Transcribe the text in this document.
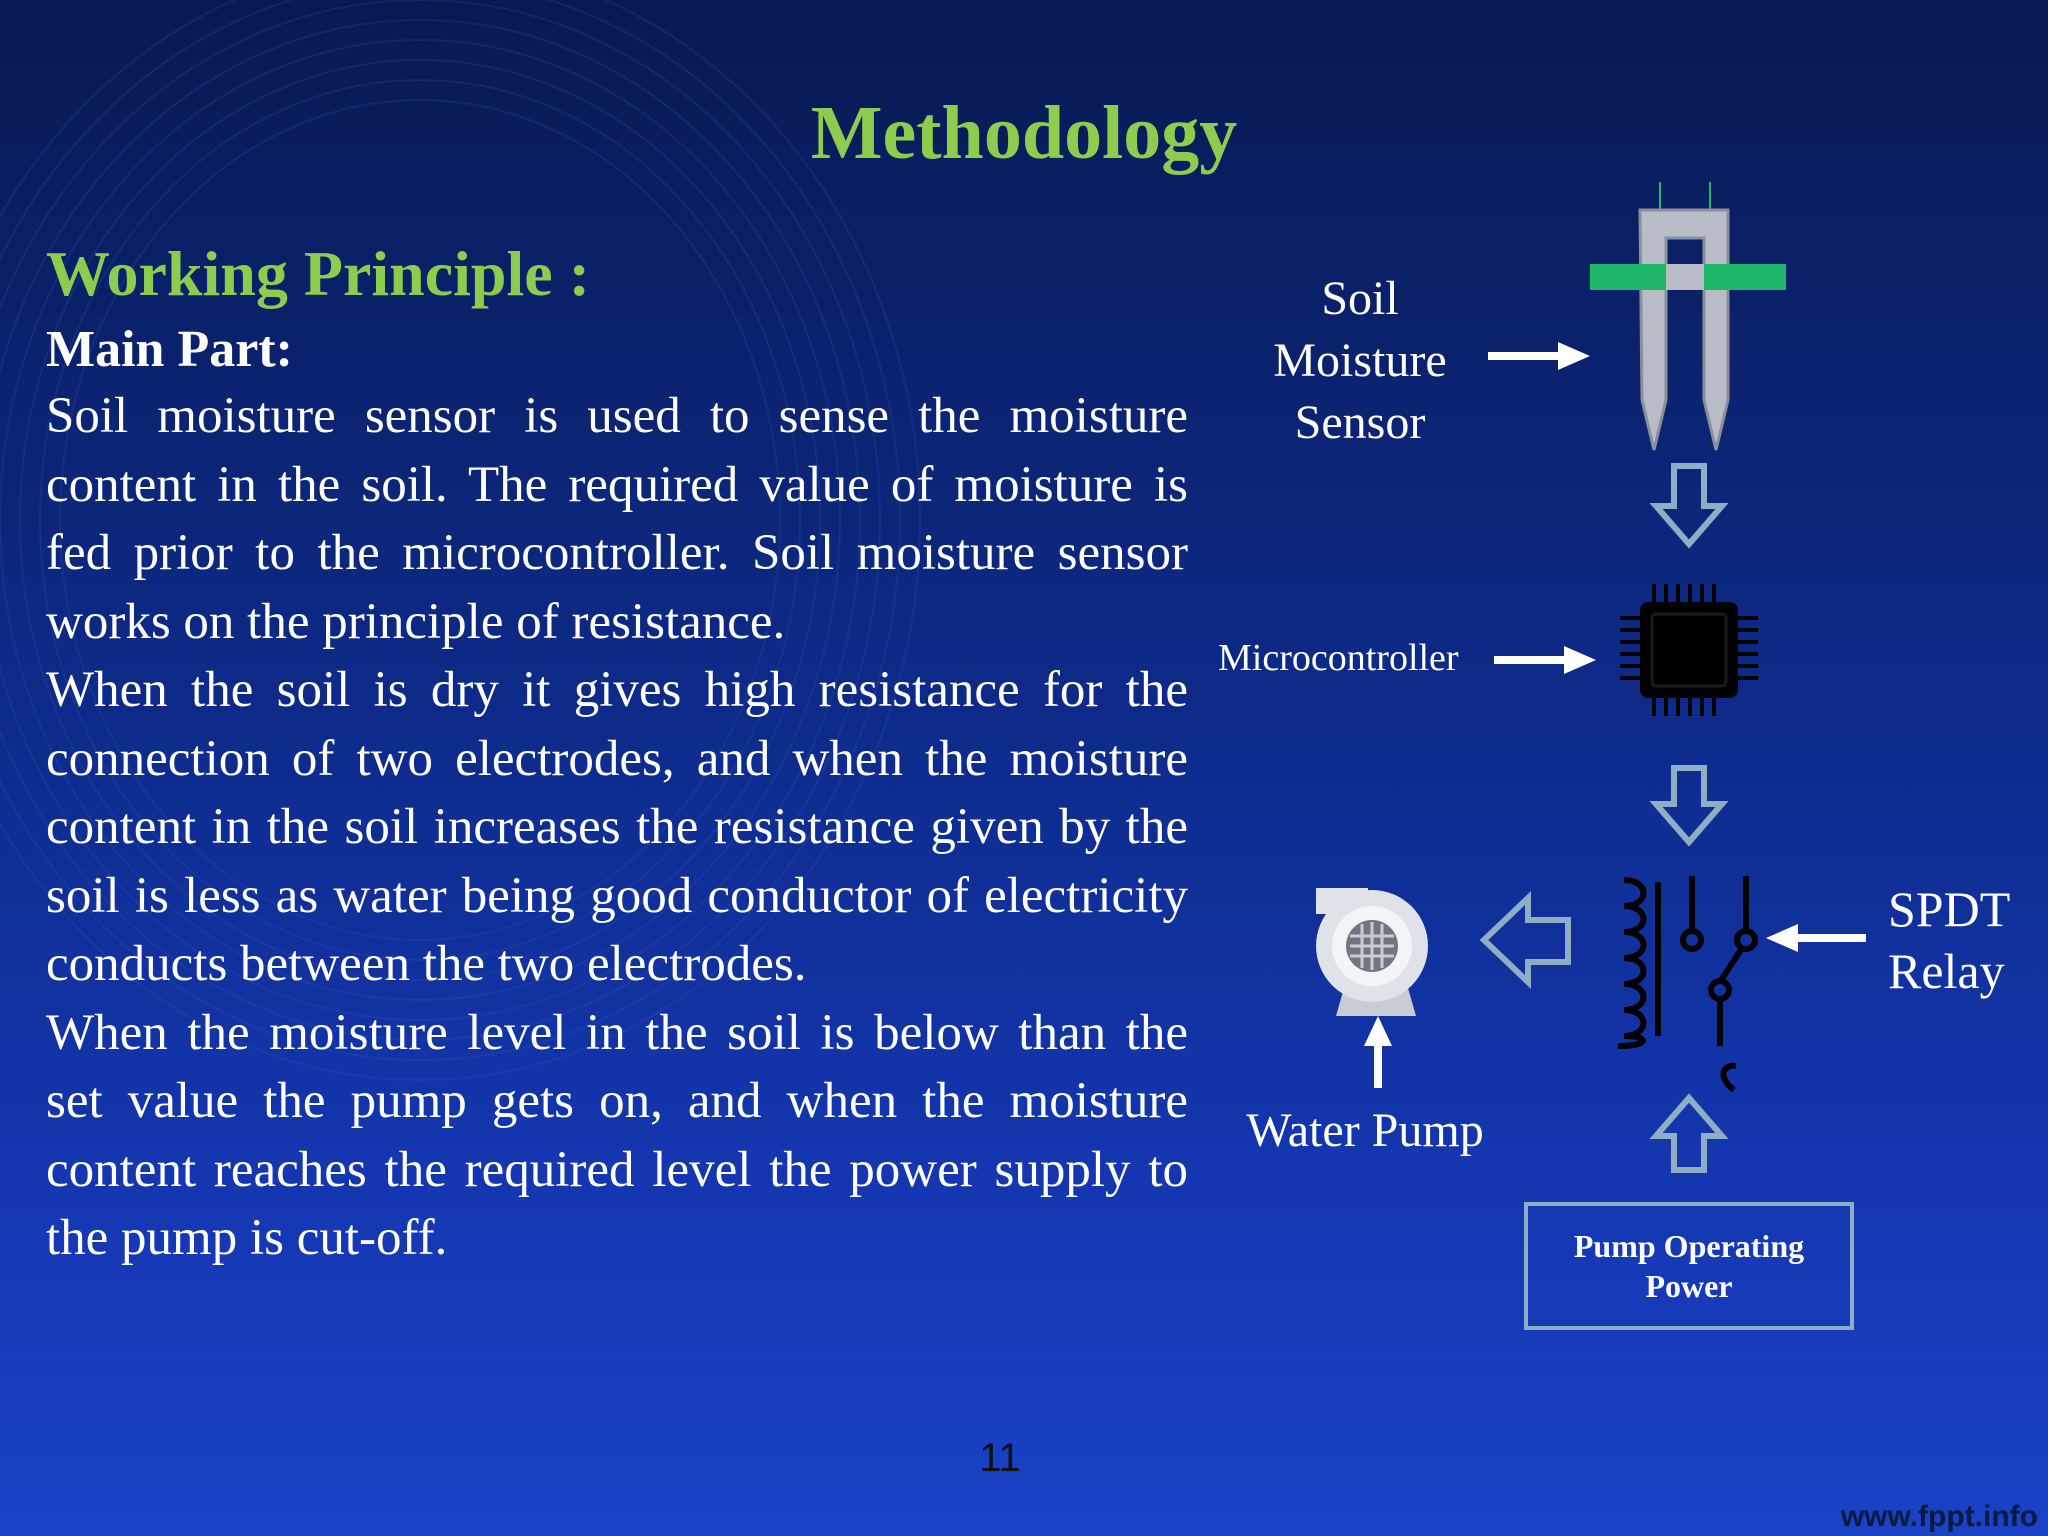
Methodology
Working Principle :
Main Part:

Soil moisture sensor is used to sense the moisture content in the soil. The required value of moisture is fed prior to the microcontroller. Soil moisture sensor works on the principle of resistance.

When the soil is dry it gives high resistance for the connection of two electrodes, and when the moisture content in the soil increases the resistance given by the soil is less as water being good conductor of electricity conducts between the two electrodes.

When the moisture level in the soil is below than the set value the pump gets on, and when the moisture content reaches the required level the power supply to the pump is cut-off.

Soil Moisture Sensor
Microcontroller
SPDT Relay
Water Pump
Pump Operating Power
11
www.fppt.info
